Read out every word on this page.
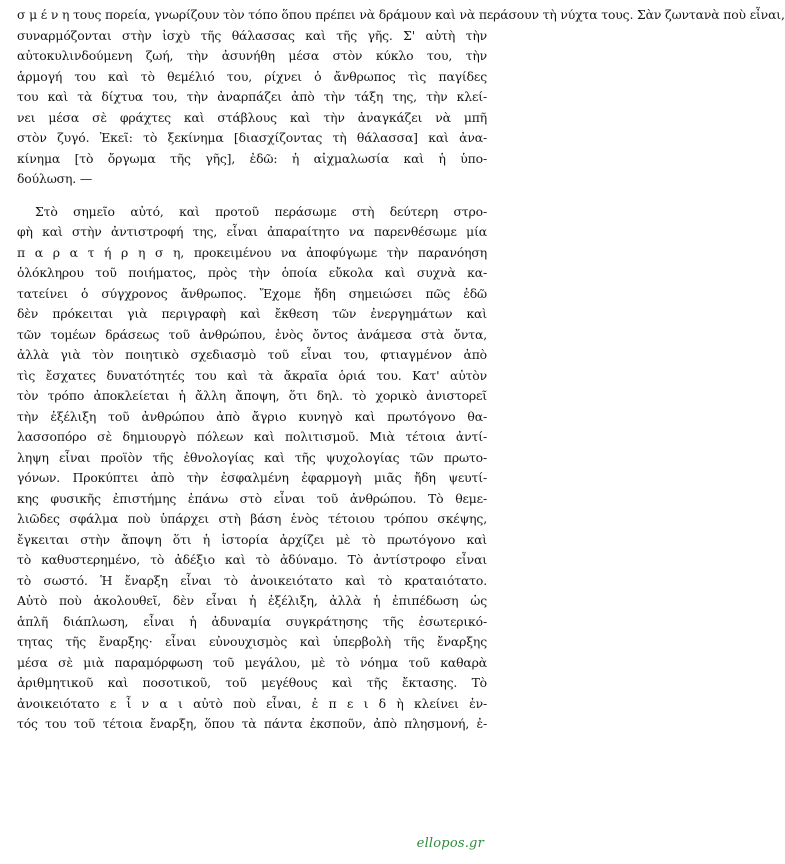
σ μ έ ν η τους πορεία, γνωρίζουν τὸν τόπο ὅπου πρέπει νὰ δράμουν καὶ νὰ περάσουν τὴ νύχτα τους. Σὰν ζωντανὰ ποὺ εἶναι,
συναρμόζονται στὴν ἰσχὺ τῆς θάλασσας καὶ τῆς γῆς. Σ' αὐτὴ τὴν
αὐτοκυλινδούμενη ζωή, τὴν ἀσυνήθη μέσα στὸν κύκλο του, τὴν
ἁρμογή του καὶ τὸ θεμέλιό του, ρίχνει ὁ ἄνθρωπος τὶς παγίδες
του καὶ τὰ δίχτυα του, τὴν ἀναρπάζει ἀπὸ τὴν τάξη της, τὴν κλεί-
νει μέσα σὲ φράχτες καὶ στάβλους καὶ τὴν ἀναγκάζει νὰ μπῆ
στὸν ζυγό. Ἐκεῖ: τὸ ξεκίνημα [διασχίζοντας τὴ θάλασσα] καὶ ἀνα-
κίνημα [τὸ ὄργωμα τῆς γῆς], ἐδῶ: ἡ αἰχμαλωσία καὶ ἡ ὑπο-
δούλωση. —
Στὸ σημεῖο αὐτό, καὶ προτοῦ περάσωμε στὴ δεύτερη στρο-
φὴ καὶ στὴν ἀντιστροφή της, εἶναι ἀπαραίτητο να παρενθέσωμε μία
π α ρ α τ ή ρ η σ η, προκειμένου να ἀποφύγωμε τὴν παρανόηση
ὁλόκληρου τοῦ ποιήματος, πρὸς τὴν ὁποία εὔκολα καὶ συχνὰ κα-
τατείνει ὁ σύγχρονος ἄνθρωπος. Ἔχομε ἤδη σημειώσει πῶς ἐδῶ
δὲν πρόκειται γιὰ περιγραφὴ καὶ ἔκθεση τῶν ἐνεργημάτων καὶ
τῶν τομέων δράσεως τοῦ ἀνθρώπου, ἑνὸς ὄντος ἀνάμεσα στὰ ὄντα,
ἀλλὰ γιὰ τὸν ποιητικὸ σχεδιασμὸ τοῦ εἶναι του, φτιαγμένον ἀπὸ
τὶς ἔσχατες δυνατότητές του καὶ τὰ ἄκραῖα ὁριά του. Κατ' αὐτὸν
τὸν τρόπο ἀποκλείεται ἡ ἄλλη ἄποψη, ὅτι δηλ. τὸ χορικὸ ἀνιστορεῖ
τὴν ἐξέλιξη τοῦ ἀνθρώπου ἀπὸ ἄγριο κυνηγὸ καὶ πρωτόγονο θα-
λασσοπόρο σὲ δημιουργὸ πόλεων καὶ πολιτισμοῦ. Μιὰ τέτοια ἀντί-
ληψη εἶναι προϊὸν τῆς ἐθνολογίας καὶ τῆς ψυχολογίας τῶν πρωτο-
γόνων. Προκύπτει ἀπὸ τὴν ἐσφαλμένη ἐφαρμογὴ μιᾶς ἤδη ψευτί-
κης φυσικῆς ἐπιστήμης ἐπάνω στὸ εἶναι τοῦ ἀνθρώπου. Τὸ θεμε-
λιῶδες σφάλμα ποὺ ὑπάρχει στὴ βάση ἑνὸς τέτοιου τρόπου σκέψης,
ἔγκειται στὴν ἄποψη ὅτι ἡ ἱστορία ἀρχίζει μὲ τὸ πρωτόγονο καὶ
τὸ καθυστερημένο, τὸ ἀδέξιο καὶ τὸ ἀδύναμο. Τὸ ἀντίστροφο εἶναι
τὸ σωστό. Ἡ ἔναρξη εἶναι τὸ ἀνοικειότατο καὶ τὸ κραταιότατο.
Αὐτὸ ποὺ ἀκολουθεῖ, δὲν εἶναι ἡ ἐξέλιξη, ἀλλὰ ἡ ἐπιπέδωση ὡς
ἁπλῆ διάπλωση, εἶναι ἡ ἀδυναμία συγκράτησης τῆς ἐσωτερικό-
τητας τῆς ἔναρξης· εἶναι εὐνουχισμὸς καὶ ὑπερβολὴ τῆς ἔναρξης
μέσα σὲ μιὰ παραμόρφωση τοῦ μεγάλου, μὲ τὸ νόημα τοῦ καθαρὰ
ἀριθμητικοῦ καὶ ποσοτικοῦ, τοῦ μεγέθους καὶ τῆς ἔκτασης. Τὸ
ἀνοικειότατο ε ἶ ν α ι αὐτὸ ποὺ εἶναι, ἐ π ε ι δ ὴ κλείνει ἐν-
τός του τοῦ τέτοια ἔναρξη, ὅπου τὰ πάντα ἐκσποῦν, ἀπὸ πλησμονή, ἐ-
ellopos.gr
